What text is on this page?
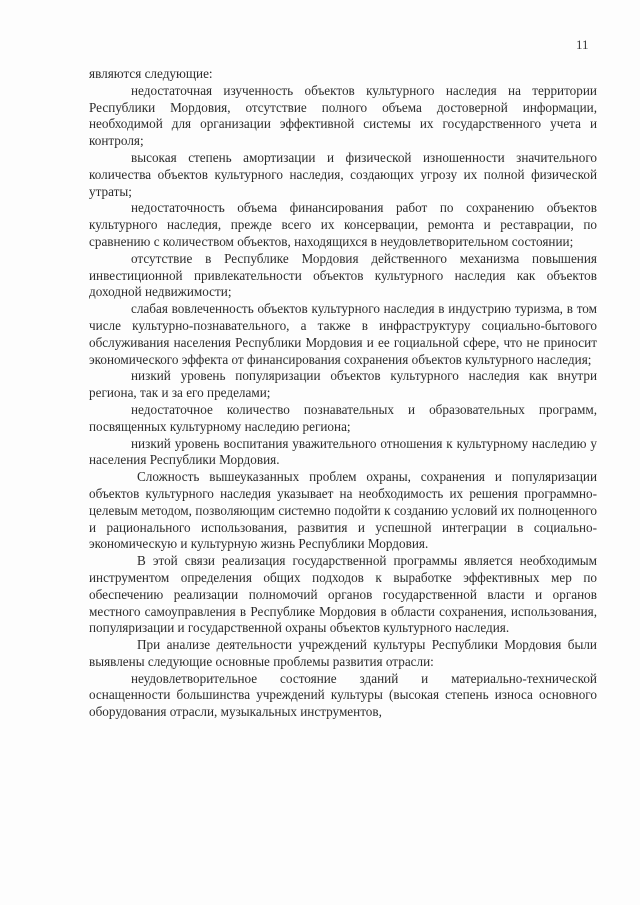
11

являются следующие:

недостаточная изученность объектов культурного наследия на территории Республики Мордовия, отсутствие полного объема достоверной информации, необходимой для организации эффективной системы их государственного учета и контроля;

высокая степень амортизации и физической изношенности значительного количества объектов культурного наследия, создающих угрозу их полной физической утраты;

недостаточность объема финансирования работ по сохранению объектов культурного наследия, прежде всего их консервации, ремонта и реставрации, по сравнению с количеством объектов, находящихся в неудовлетворительном состоянии;

отсутствие в Республике Мордовия действенного механизма повышения инвестиционной привлекательности объектов культурного наследия как объектов доходной недвижимости;

слабая вовлеченность объектов культурного наследия в индустрию туризма, в том числе культурно-познавательного, а также в инфраструктуру социально-бытового обслуживания населения Республики Мордовия и ее гоциальной сфере, что не приносит экономического эффекта от финансирования сохранения объектов культурного наследия;

низкий уровень популяризации объектов культурного наследия как внутри региона, так и за его пределами;

недостаточное количество познавательных и образовательных программ, посвященных культурному наследию региона;

низкий уровень воспитания уважительного отношения к культурному наследию у населения Республики Мордовия.

Сложность вышеуказанных проблем охраны, сохранения и популяризации объектов культурного наследия указывает на необходимость их решения программно-целевым методом, позволяющим системно подойти к созданию условий их полноценного и рационального использования, развития и успешной интеграции в социально-экономическую и культурную жизнь Республики Мордовия.

В этой связи реализация государственной программы является необходимым инструментом определения общих подходов к выработке эффективных мер по обеспечению реализации полномочий органов государственной власти и органов местного самоуправления в Республике Мордовия в области сохранения, использования, популяризации и государственной охраны объектов культурного наследия.

При анализе деятельности учреждений культуры Республики Мордовия были выявлены следующие основные проблемы развития отрасли:

неудовлетворительное состояние зданий и материально-технической оснащенности большинства учреждений культуры (высокая степень износа основного оборудования отрасли, музыкальных инструментов,
